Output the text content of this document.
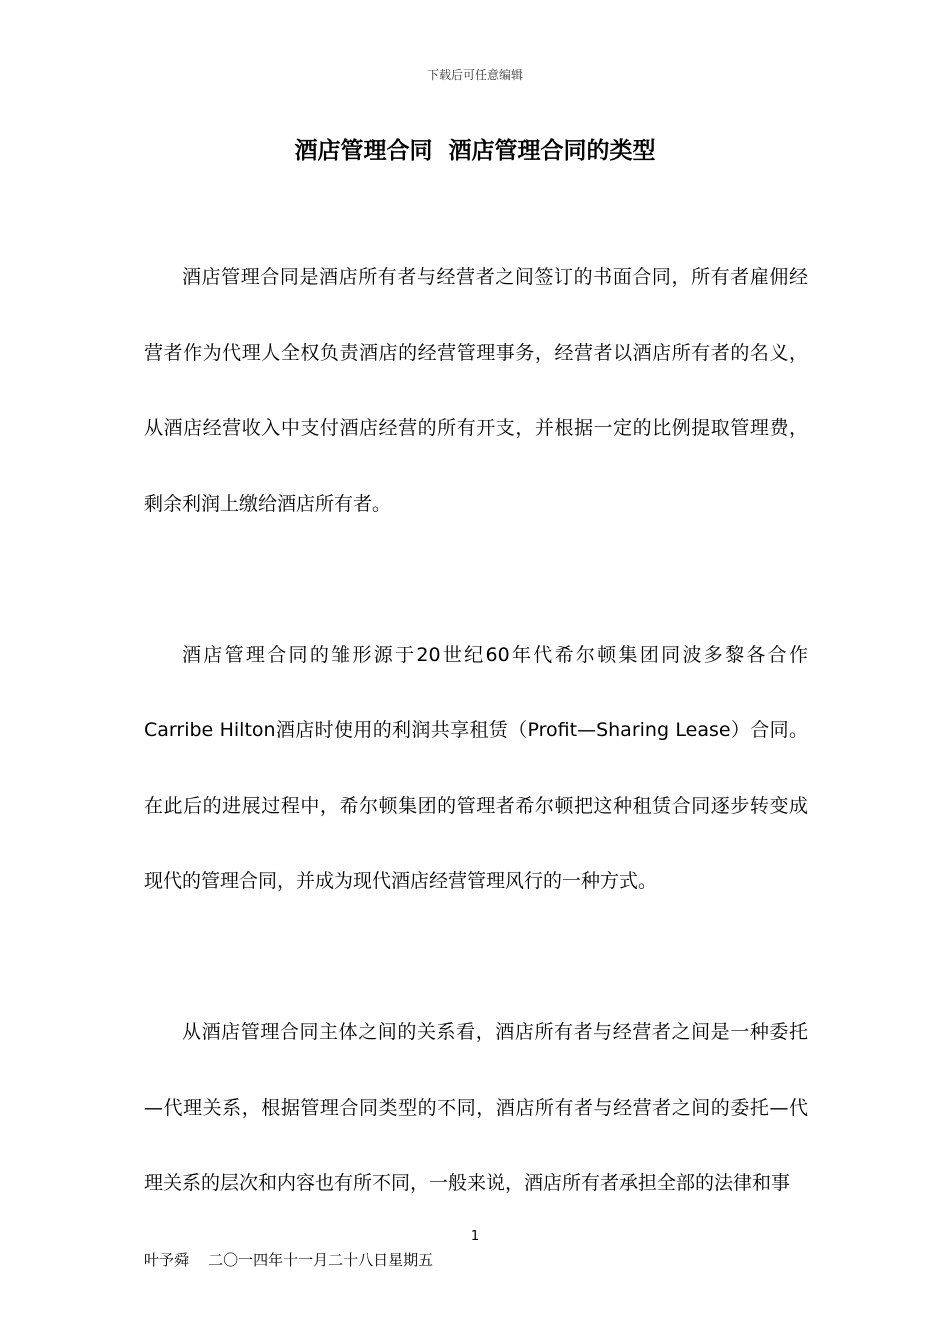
下载后可任意编辑
酒店管理合同  酒店管理合同的类型

酒店管理合同是酒店所有者与经营者之间签订的书面合同，所有者雇佣经营者作为代理人全权负责酒店的经营管理事务，经营者以酒店所有者的名义，从酒店经营收入中支付酒店经营的所有开支，并根据一定的比例提取管理费，剩余利润上缴给酒店所有者。

酒店管理合同的雏形源于20世纪60年代希尔顿集团同波多黎各合作Carribe Hilton酒店时使用的利润共享租赁（Profit—Sharing Lease）合同。在此后的进展过程中，希尔顿集团的管理者希尔顿把这种租赁合同逐步转变成现代的管理合同，并成为现代酒店经营管理风行的一种方式。

从酒店管理合同主体之间的关系看，酒店所有者与经营者之间是一种委托—代理关系，根据管理合同类型的不同，酒店所有者与经营者之间的委托—代理关系的层次和内容也有所不同，一般来说，酒店所有者承担全部的法律和事

1
叶予舜    二〇一四年十一月二十八日星期五
